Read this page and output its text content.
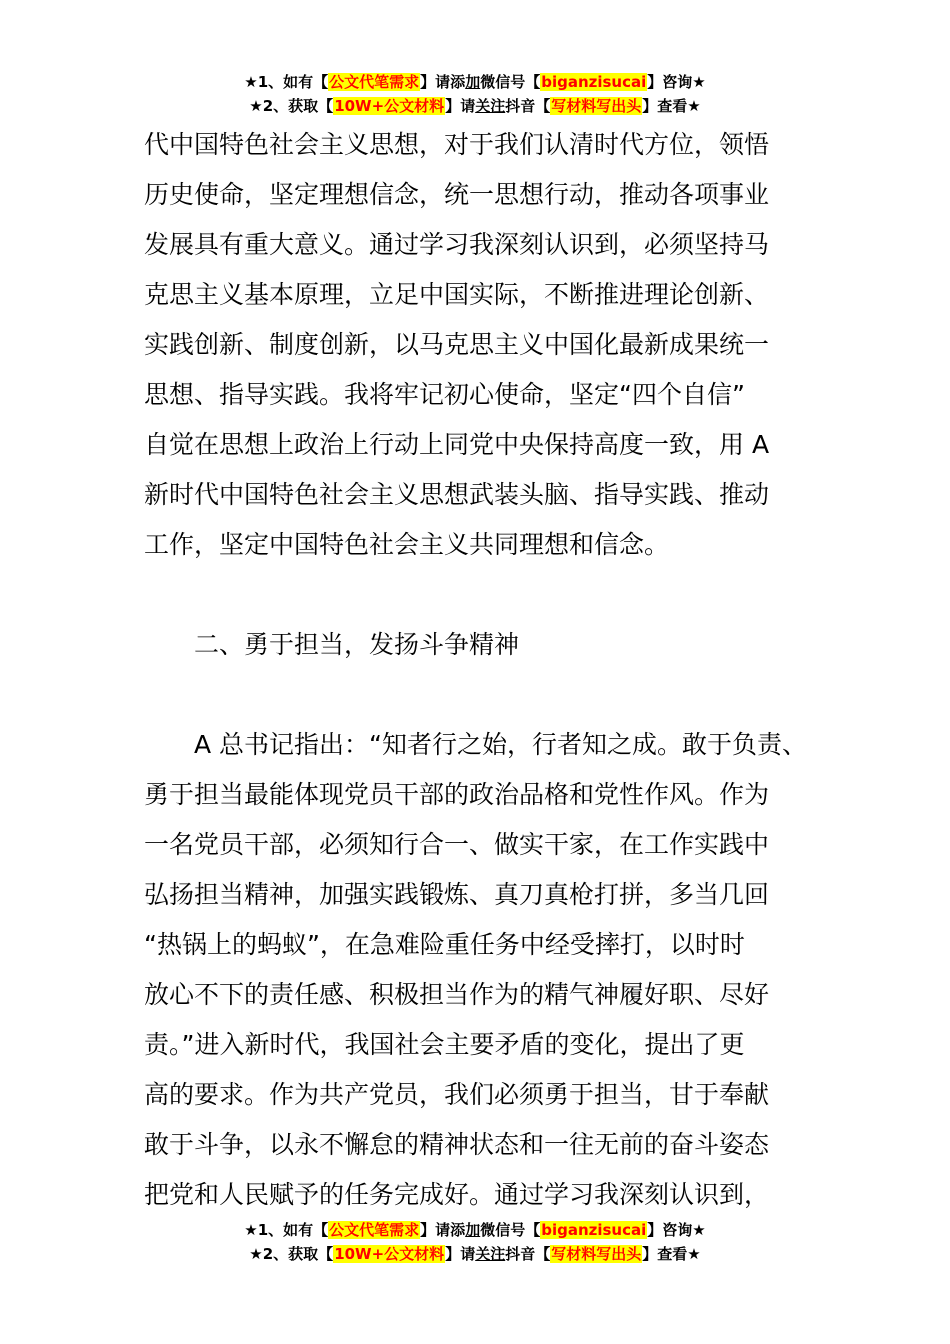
★1、如有【公文代笔需求】请添加微信号【biganzisucai】咨询★
★2、获取【10W+公文材料】请关注抖音【写材料写出头】查看★
代中国特色社会主义思想，对于我们认清时代方位，领悟
历史使命，坚定理想信念，统一思想行动，推动各项事业
发展具有重大意义。通过学习我深刻认识到，必须坚持马
克思主义基本原理，立足中国实际，不断推进理论创新、
实践创新、制度创新，以马克思主义中国化最新成果统一
思想、指导实践。我将牢记初心使命，坚定“四个自信”
自觉在思想上政治上行动上同党中央保持高度一致，用 A
新时代中国特色社会主义思想武装头脑、指导实践、推动
工作，坚定中国特色社会主义共同理想和信念。
二、勇于担当，发扬斗争精神
A 总书记指出：“知者行之始，行者知之成。敢于负责、
勇于担当最能体现党员干部的政治品格和党性作风。作为
一名党员干部，必须知行合一、做实干家，在工作实践中
弘扬担当精神，加强实践锻炼、真刀真枪打拼，多当几回
“热锅上的蚂蚁”，在急难险重任务中经受摔打，以时时
放心不下的责任感、积极担当作为的精气神履好职、尽好
责。”进入新时代，我国社会主要矛盾的变化，提出了更
高的要求。作为共产党员，我们必须勇于担当，甘于奉献
敢于斗争，以永不懈怠的精神状态和一往无前的奋斗姿态
把党和人民赋予的任务完成好。通过学习我深刻认识到，
★1、如有【公文代笔需求】请添加微信号【biganzisucai】咨询★
★2、获取【10W+公文材料】请关注抖音【写材料写出头】查看★
